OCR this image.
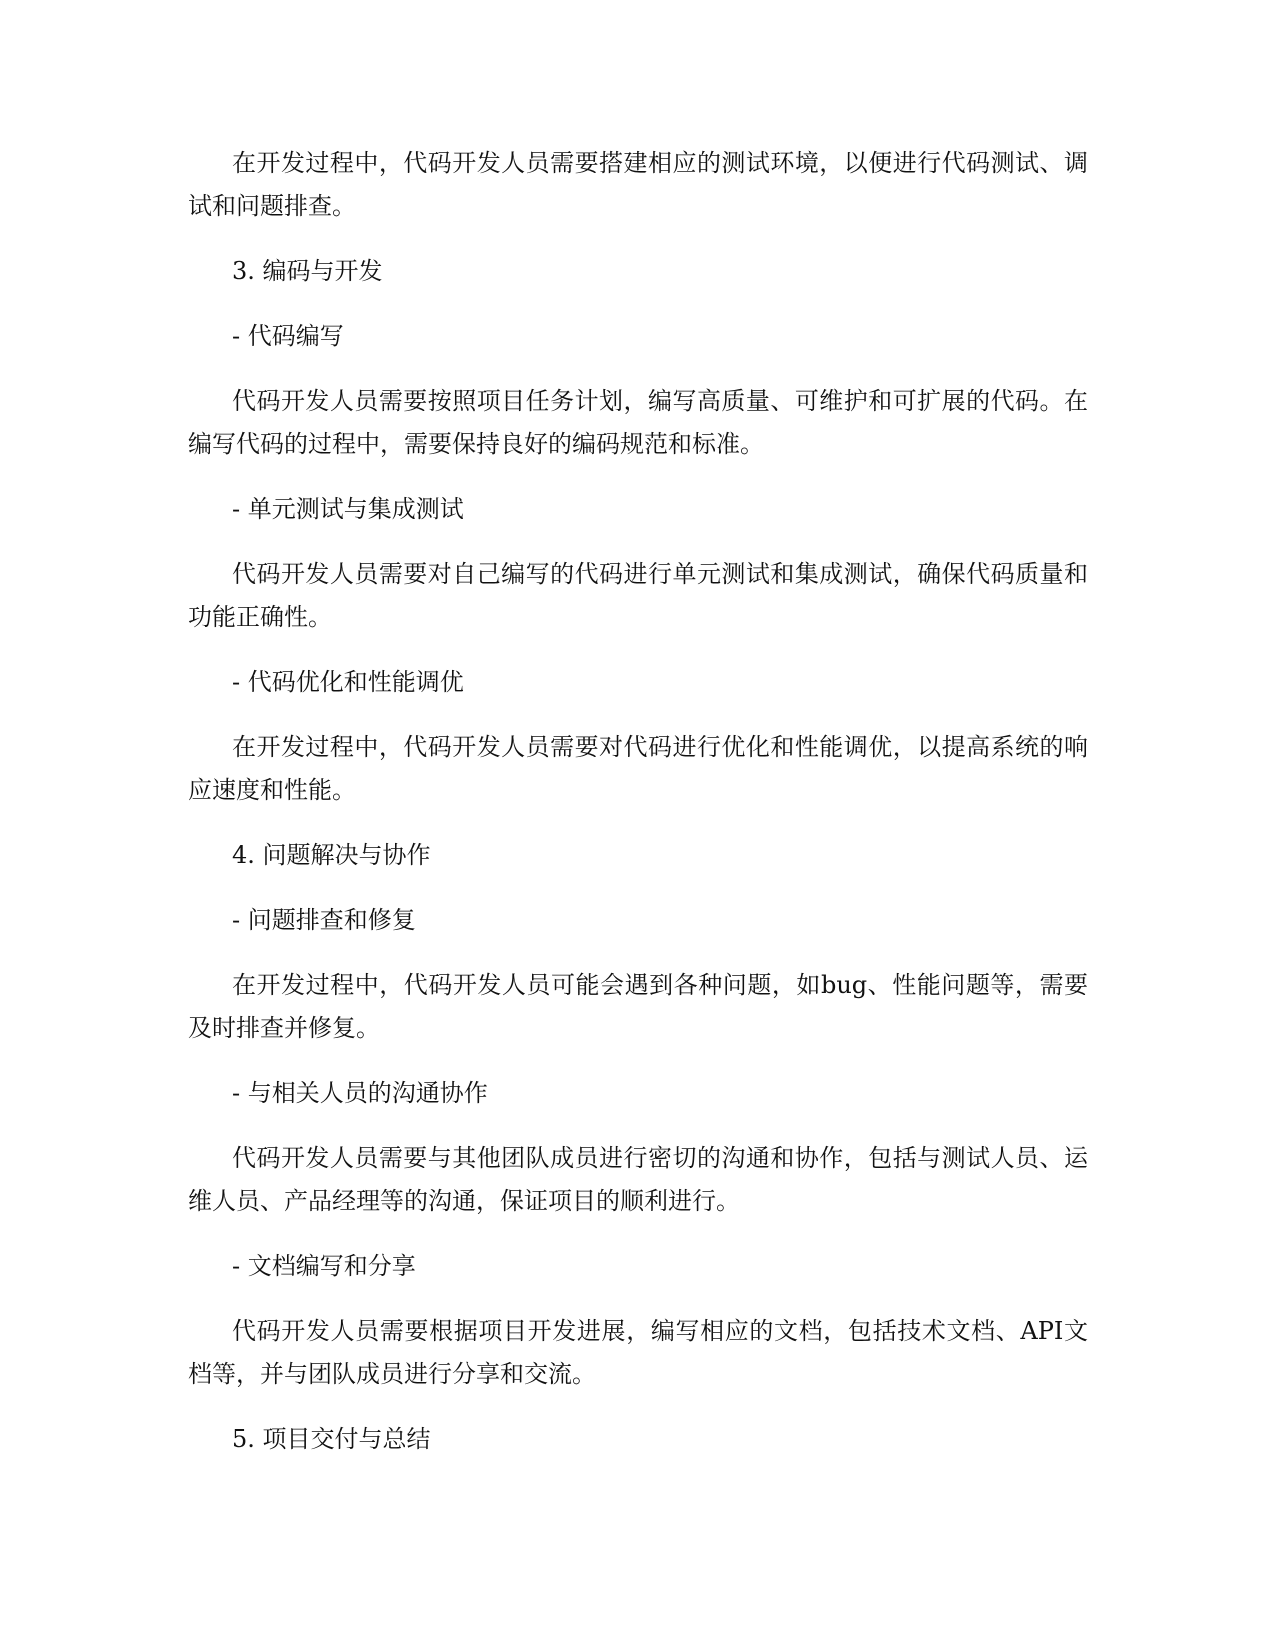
在开发过程中，代码开发人员需要搭建相应的测试环境，以便进行代码测试、调试和问题排查。

3. 编码与开发

- 代码编写

代码开发人员需要按照项目任务计划，编写高质量、可维护和可扩展的代码。在编写代码的过程中，需要保持良好的编码规范和标准。

- 单元测试与集成测试

代码开发人员需要对自己编写的代码进行单元测试和集成测试，确保代码质量和功能正确性。

- 代码优化和性能调优

在开发过程中，代码开发人员需要对代码进行优化和性能调优，以提高系统的响应速度和性能。

4. 问题解决与协作

- 问题排查和修复

在开发过程中，代码开发人员可能会遇到各种问题，如bug、性能问题等，需要及时排查并修复。

- 与相关人员的沟通协作

代码开发人员需要与其他团队成员进行密切的沟通和协作，包括与测试人员、运维人员、产品经理等的沟通，保证项目的顺利进行。

- 文档编写和分享

代码开发人员需要根据项目开发进展，编写相应的文档，包括技术文档、API文档等，并与团队成员进行分享和交流。

5. 项目交付与总结
